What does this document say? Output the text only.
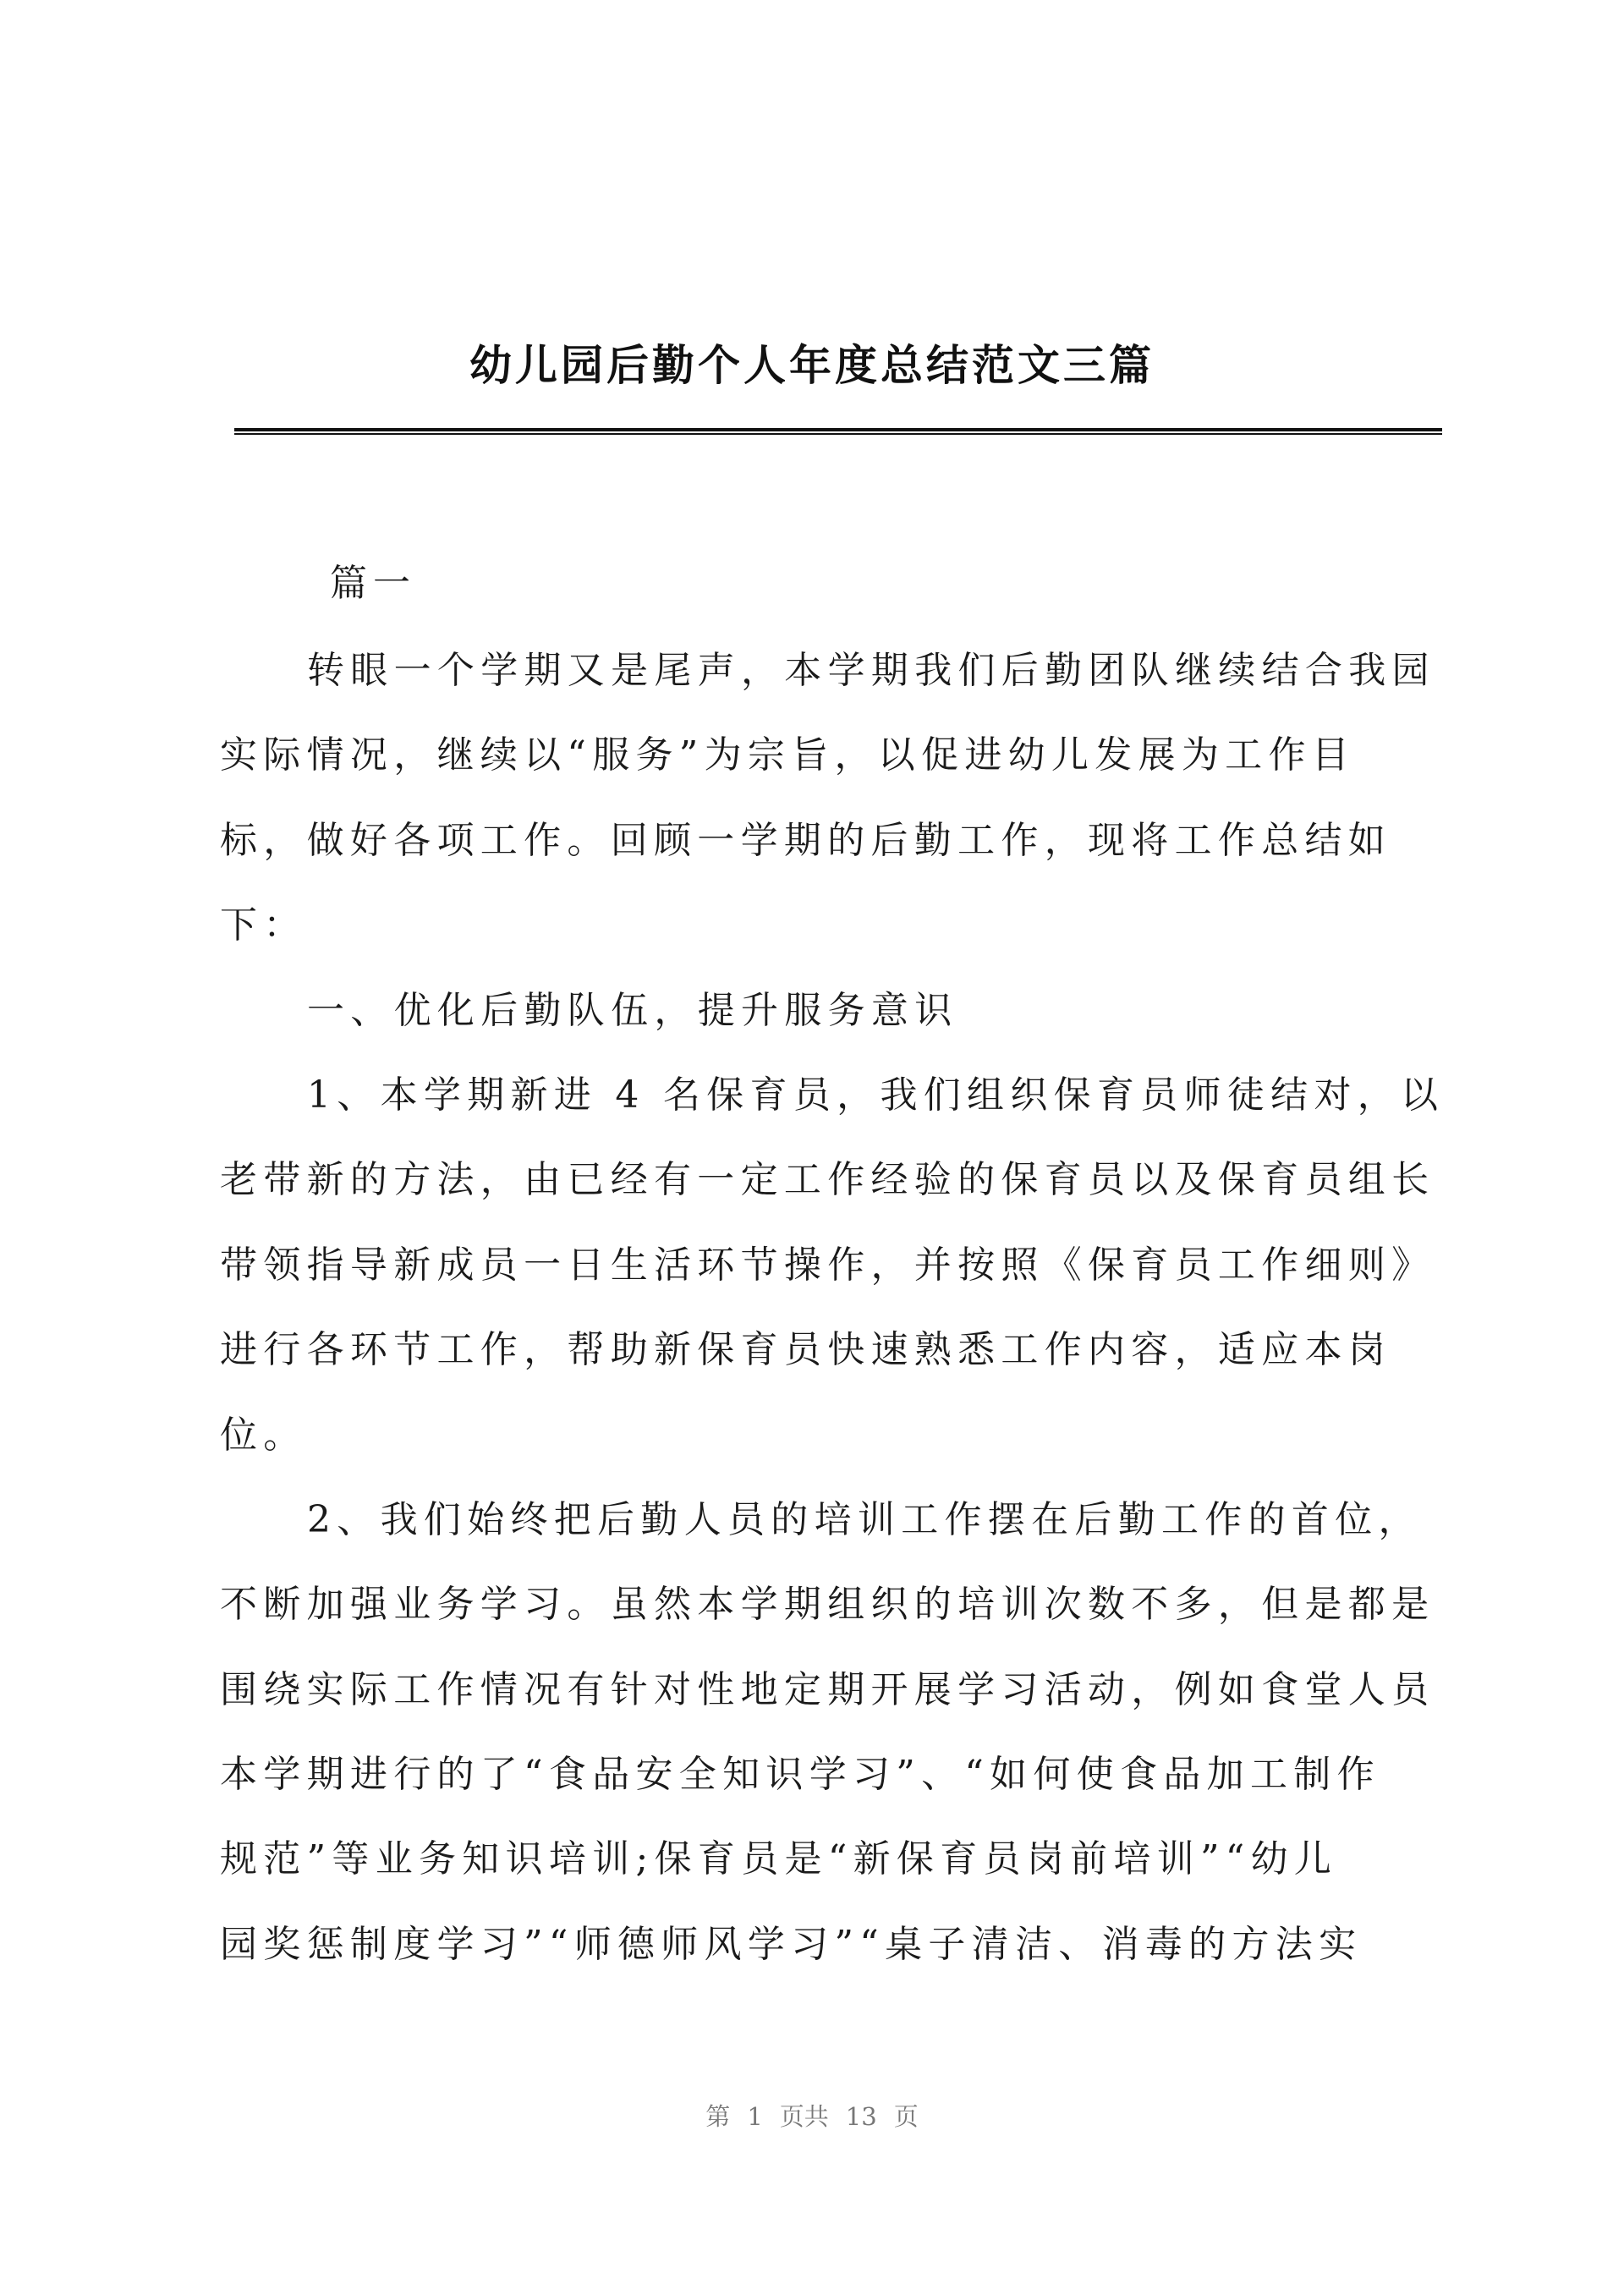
幼儿园后勤个人年度总结范文三篇
篇一
转眼一个学期又是尾声，本学期我们后勤团队继续结合我园
实际情况，继续以“服务”为宗旨，以促进幼儿发展为工作目
标，做好各项工作。回顾一学期的后勤工作，现将工作总结如
下：
一、优化后勤队伍，提升服务意识
1、本学期新进 4 名保育员，我们组织保育员师徒结对，以
老带新的方法，由已经有一定工作经验的保育员以及保育员组长
带领指导新成员一日生活环节操作，并按照《保育员工作细则》
进行各环节工作，帮助新保育员快速熟悉工作内容，适应本岗
位。
2、我们始终把后勤人员的培训工作摆在后勤工作的首位，
不断加强业务学习。虽然本学期组织的培训次数不多，但是都是
围绕实际工作情况有针对性地定期开展学习活动，例如食堂人员
本学期进行的了“食品安全知识学习”、“如何使食品加工制作
规范”等业务知识培训;保育员是“新保育员岗前培训”“幼儿
园奖惩制度学习”“师德师风学习”“桌子清洁、消毒的方法实
第 1 页共 13 页
